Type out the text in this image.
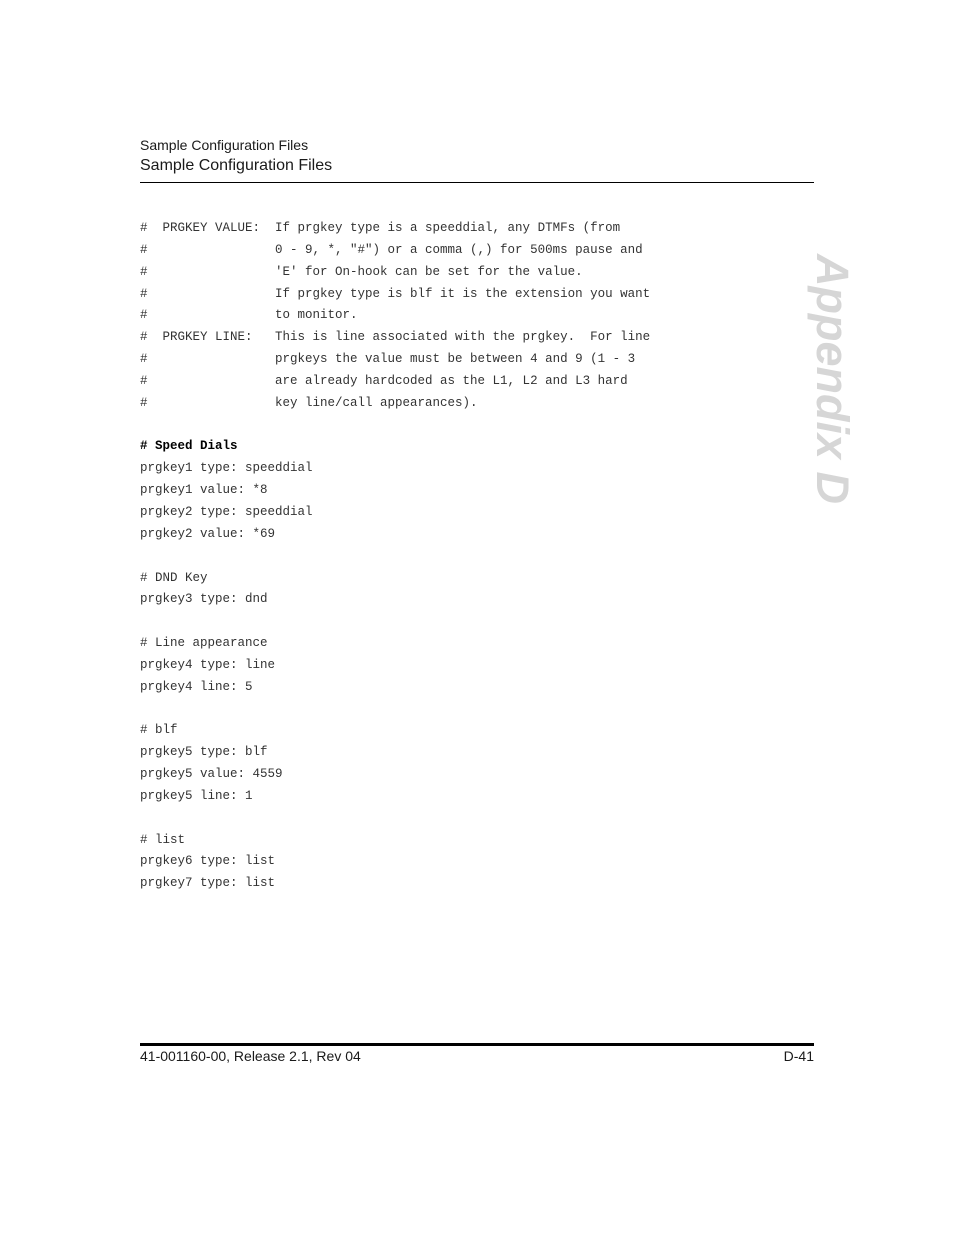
Sample Configuration Files
Sample Configuration Files
Appendix D
#  PRGKEY VALUE:  If prgkey type is a speeddial, any DTMFs (from
#                 0 - 9, *, "#") or a comma (,) for 500ms pause and
#                 'E' for On-hook can be set for the value.
#                 If prgkey type is blf it is the extension you want
#                 to monitor.
#  PRGKEY LINE:   This is line associated with the prgkey.  For line
#                 prgkeys the value must be between 4 and 9 (1 - 3
#                 are already hardcoded as the L1, L2 and L3 hard
#                 key line/call appearances).
# Speed Dials
prgkey1 type: speeddial
prgkey1 value: *8
prgkey2 type: speeddial
prgkey2 value: *69
# DND Key
prgkey3 type: dnd
# Line appearance
prgkey4 type: line
prgkey4 line: 5
# blf
prgkey5 type: blf
prgkey5 value: 4559
prgkey5 line: 1
# list
prgkey6 type: list
prgkey7 type: list
41-001160-00, Release 2.1, Rev 04	D-41
